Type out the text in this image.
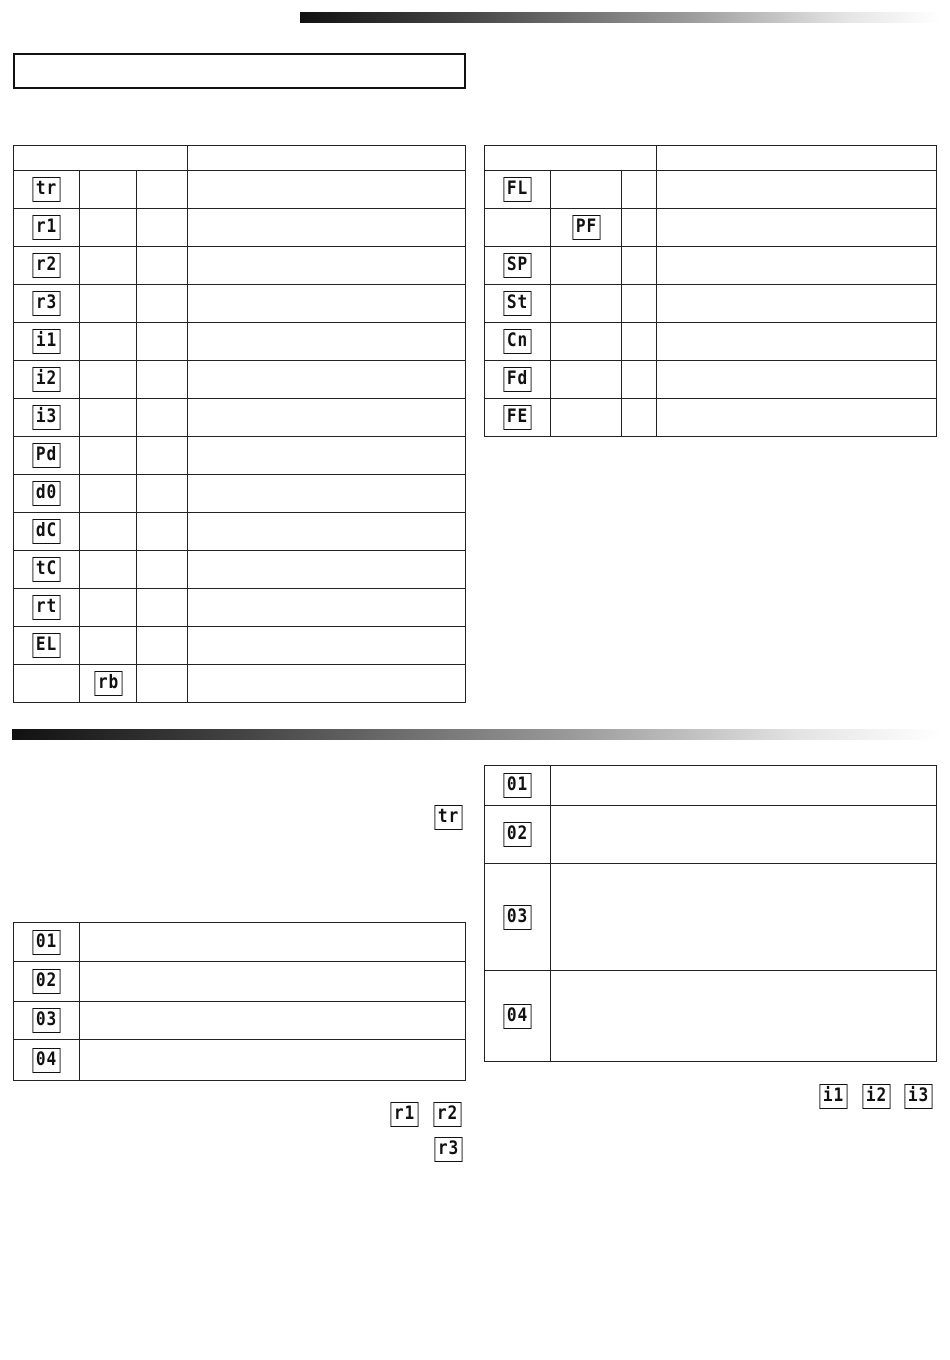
tr			
r1			
r2			
r3			
i1			
i2			
i3			
Pd			
d0			
dC			
tC			
rt			
EL			
	rb		

FL			
	PF		
SP			
St			
Cn			
Fd			
FE			
tr
01	
02	
03	
04	
01	
02	
03	
04	
r1 r2
r3
i1 i2 i3
